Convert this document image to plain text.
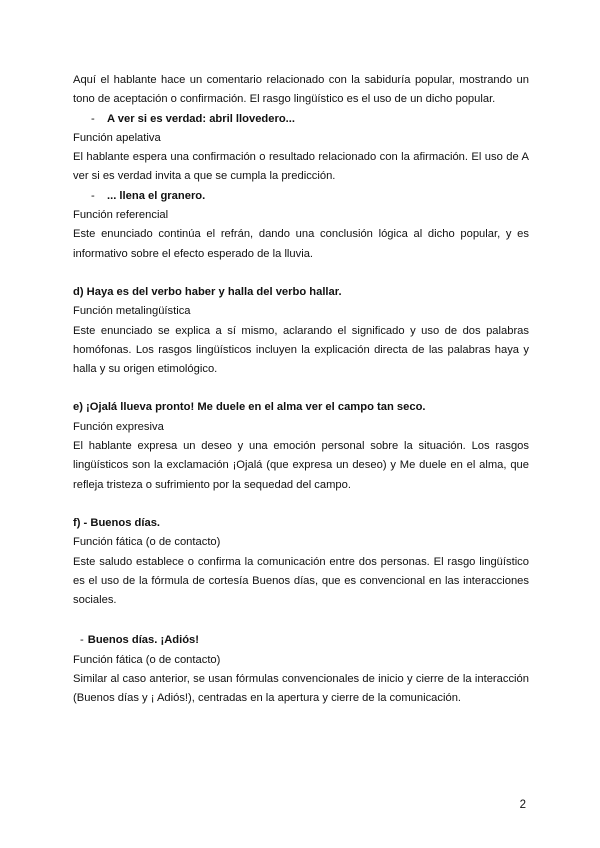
Aquí el hablante hace un comentario relacionado con la sabiduría popular, mostrando un tono de aceptación o confirmación. El rasgo lingüístico es el uso de un dicho popular.

- A ver si es verdad: abril llovedero...

Función apelativa

El hablante espera una confirmación o resultado relacionado con la afirmación. El uso de A ver si es verdad invita a que se cumpla la predicción.

- ... llena el granero.

Función referencial

Este enunciado continúa el refrán, dando una conclusión lógica al dicho popular, y es informativo sobre el efecto esperado de la lluvia.

d) Haya es del verbo haber y halla del verbo hallar.

Función metalingüística

Este enunciado se explica a sí mismo, aclarando el significado y uso de dos palabras homófonas. Los rasgos lingüísticos incluyen la explicación directa de las palabras haya y halla y su origen etimológico.

e) ¡Ojalá llueva pronto! Me duele en el alma ver el campo tan seco.

Función expresiva

El hablante expresa un deseo y una emoción personal sobre la situación. Los rasgos lingüísticos son la exclamación ¡Ojalá (que expresa un deseo) y Me duele en el alma, que refleja tristeza o sufrimiento por la sequedad del campo.

f) - Buenos días.

Función fática (o de contacto)

Este saludo establece o confirma la comunicación entre dos personas. El rasgo lingüístico es el uso de la fórmula de cortesía Buenos días, que es convencional en las interacciones sociales.

- Buenos días. ¡Adiós!

Función fática (o de contacto)

Similar al caso anterior, se usan fórmulas convencionales de inicio y cierre de la interacción (Buenos días y ¡ Adiós!), centradas en la apertura y cierre de la comunicación.

2
